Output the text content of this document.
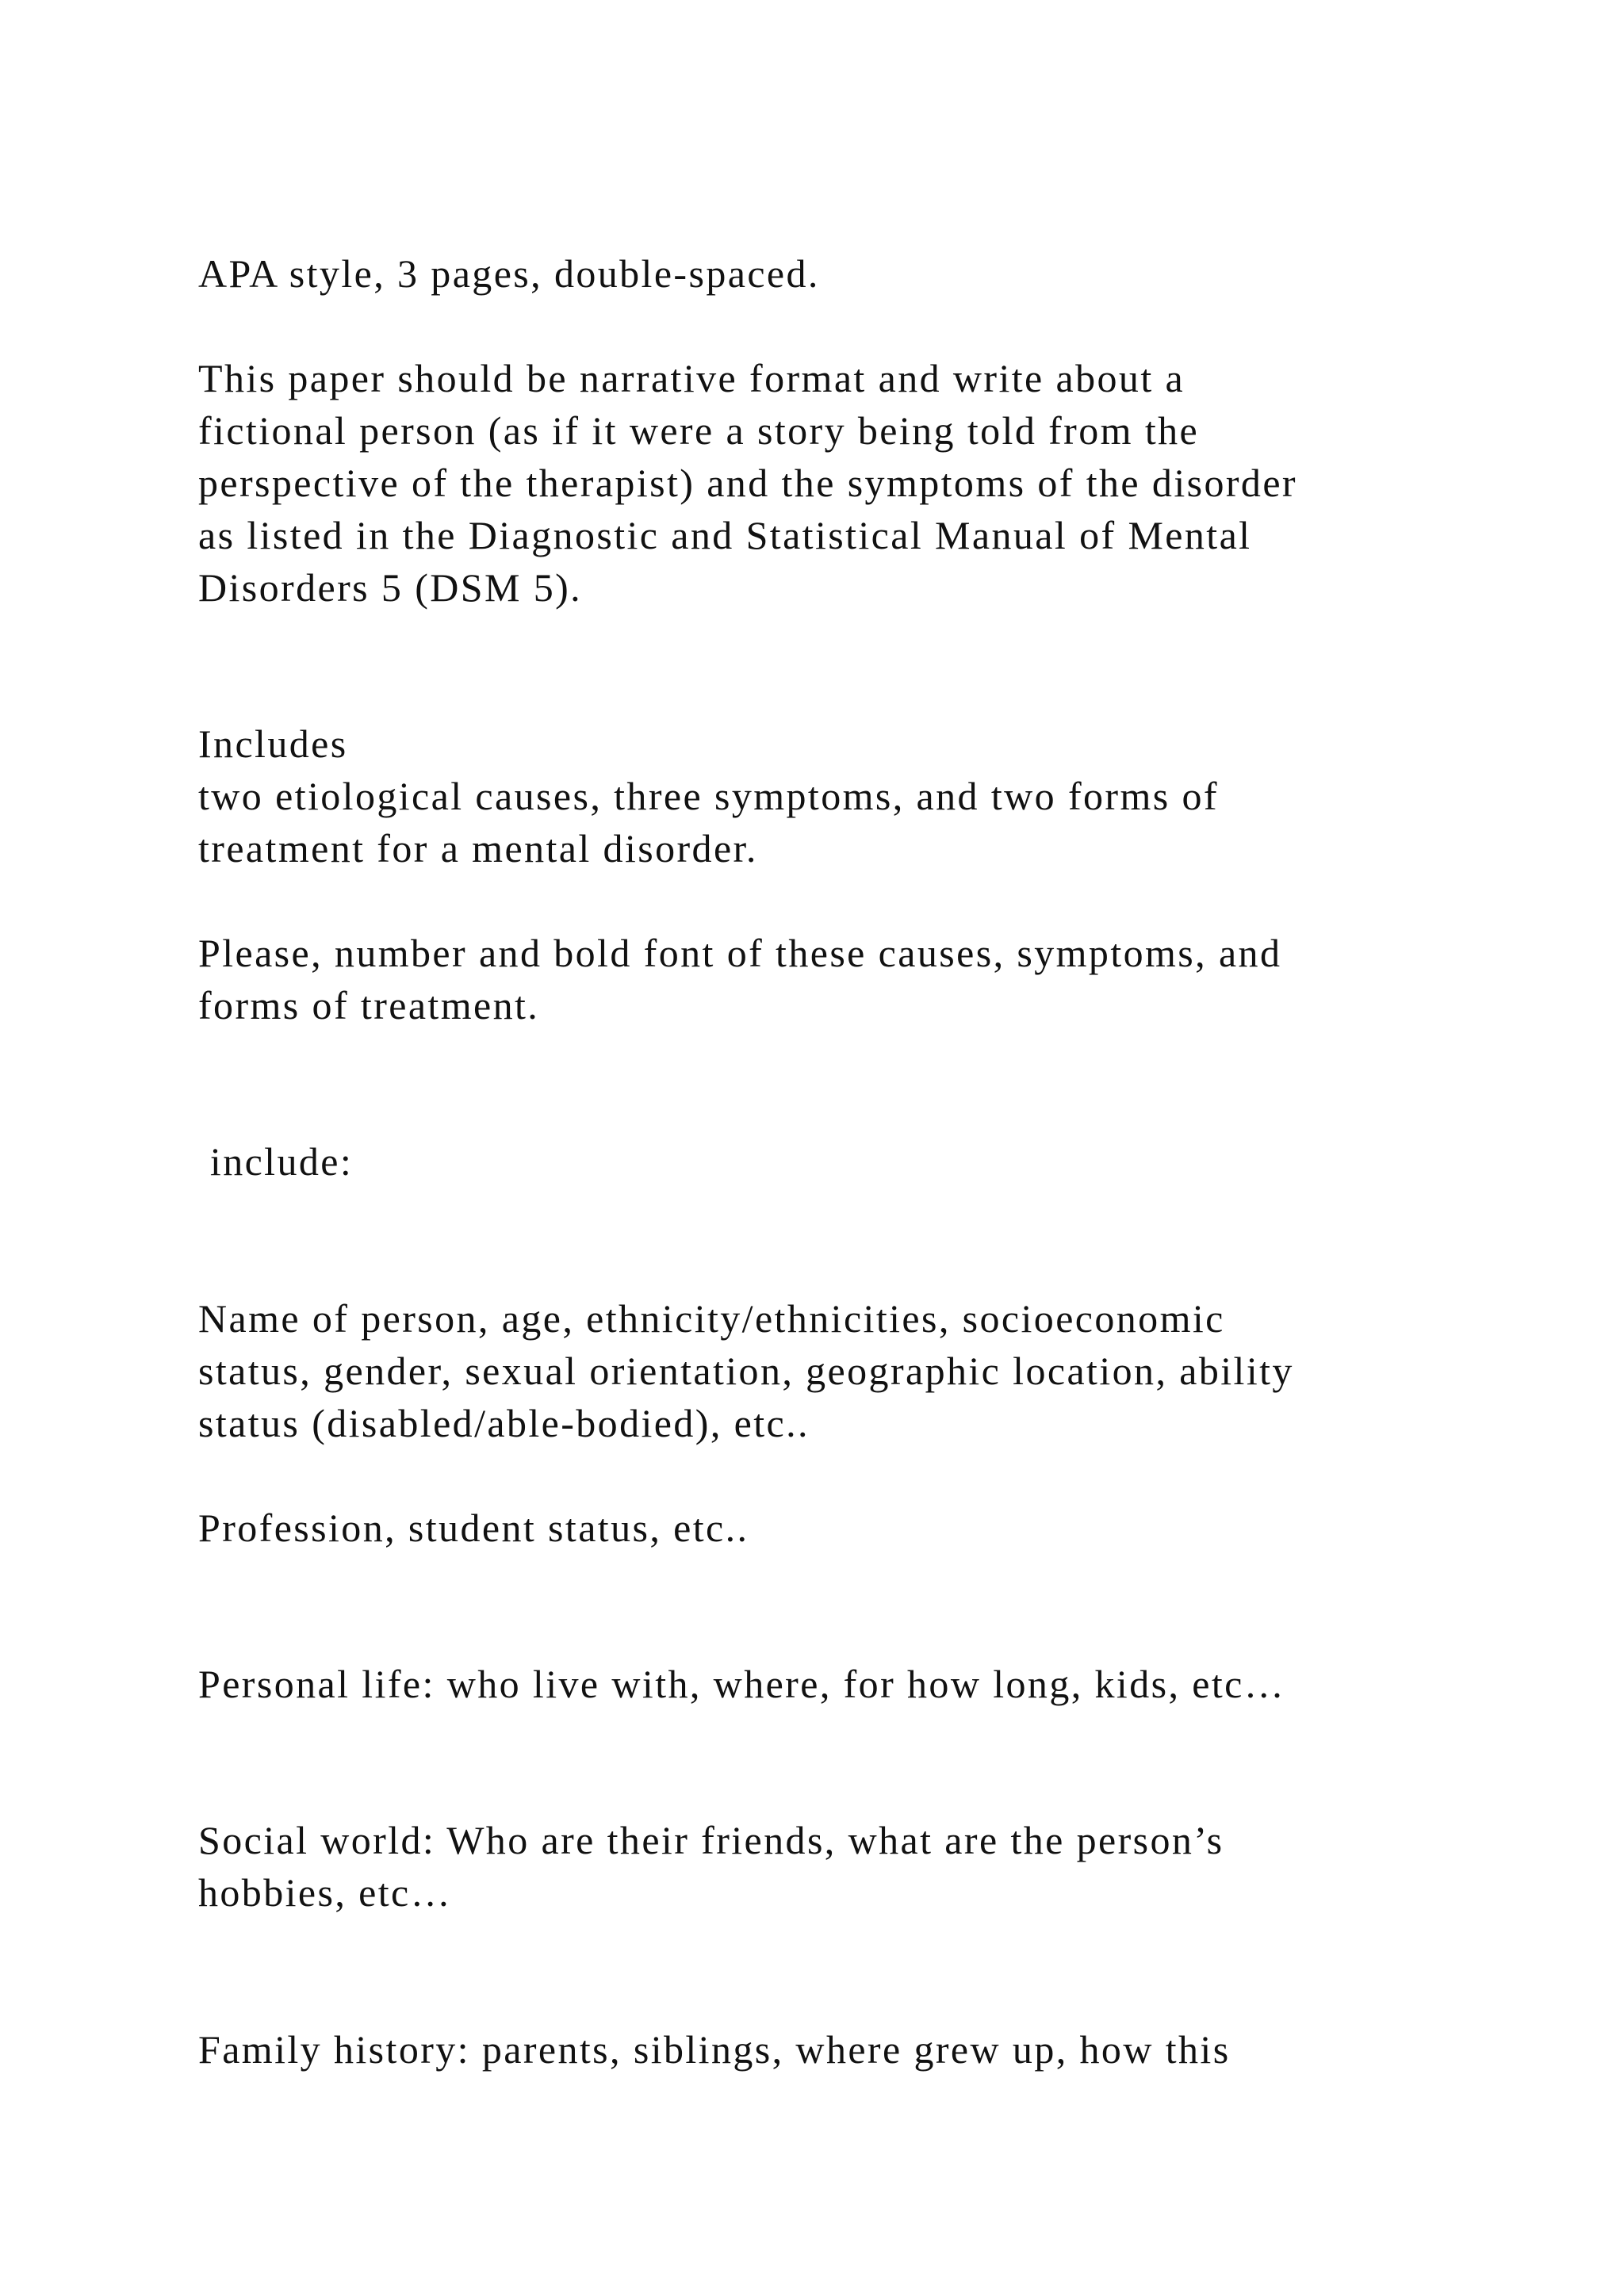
APA style, 3 pages, double-spaced.

This paper should be narrative format and write about a

fictional person (as if it were a story being told from the

perspective of the therapist) and the symptoms of the disorder

as listed in the Diagnostic and Statistical Manual of Mental

Disorders 5 (DSM 5).

Includes

two etiological causes, three symptoms, and two forms of

treatment for a mental disorder.

Please, number and bold font of these causes, symptoms, and

forms of treatment.

include:

Name of person, age, ethnicity/ethnicities, socioeconomic

status, gender, sexual orientation, geographic location, ability

status (disabled/able-bodied), etc..

Profession, student status, etc..

Personal life: who live with, where, for how long, kids, etc…

Social world: Who are their friends, what are the person’s

hobbies, etc…

Family history: parents, siblings, where grew up, how this
